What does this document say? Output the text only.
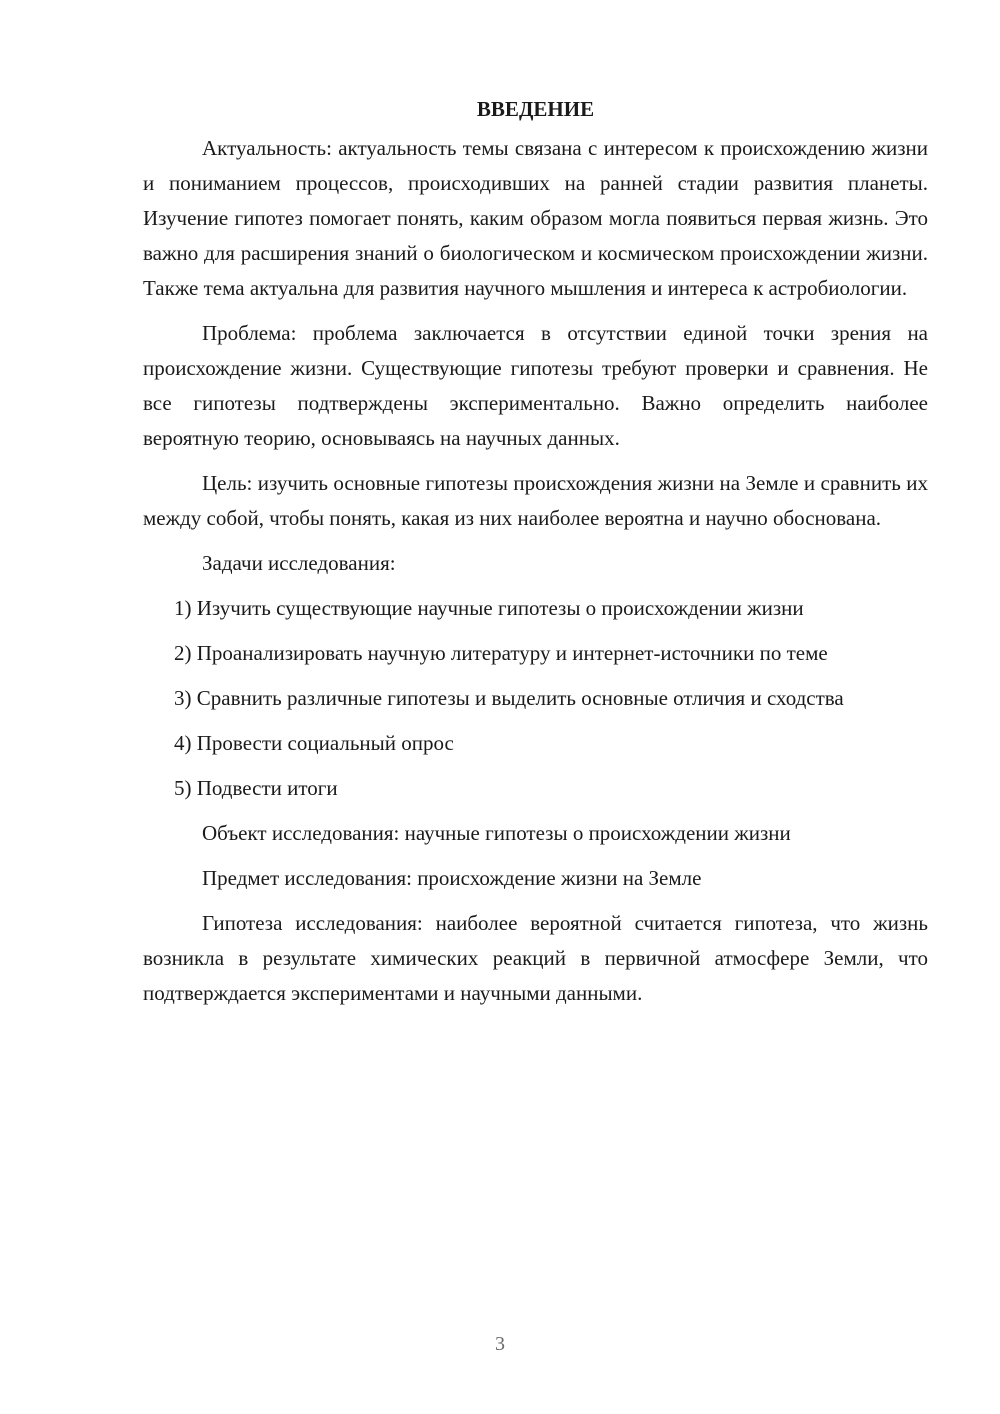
ВВЕДЕНИЕ

Актуальность: актуальность темы связана с интересом к происхождению жизни и пониманием процессов, происходивших на ранней стадии развития планеты. Изучение гипотез помогает понять, каким образом могла появиться первая жизнь. Это важно для расширения знаний о биологическом и космическом происхождении жизни. Также тема актуальна для развития научного мышления и интереса к астробиологии.

Проблема: проблема заключается в отсутствии единой точки зрения на происхождение жизни. Существующие гипотезы требуют проверки и сравнения. Не все гипотезы подтверждены экспериментально. Важно определить наиболее вероятную теорию, основываясь на научных данных.

Цель: изучить основные гипотезы происхождения жизни на Земле и сравнить их между собой, чтобы понять, какая из них наиболее вероятна и научно обоснована.

Задачи исследования:

1) Изучить существующие научные гипотезы о происхождении жизни

2) Проанализировать научную литературу и интернет-источники по теме

3) Сравнить различные гипотезы и выделить основные отличия и сходства

4) Провести социальный опрос

5) Подвести итоги

Объект исследования: научные гипотезы о происхождении жизни

Предмет исследования: происхождение жизни на Земле

Гипотеза исследования: наиболее вероятной считается гипотеза, что жизнь возникла в результате химических реакций в первичной атмосфере Земли, что подтверждается экспериментами и научными данными.

3
